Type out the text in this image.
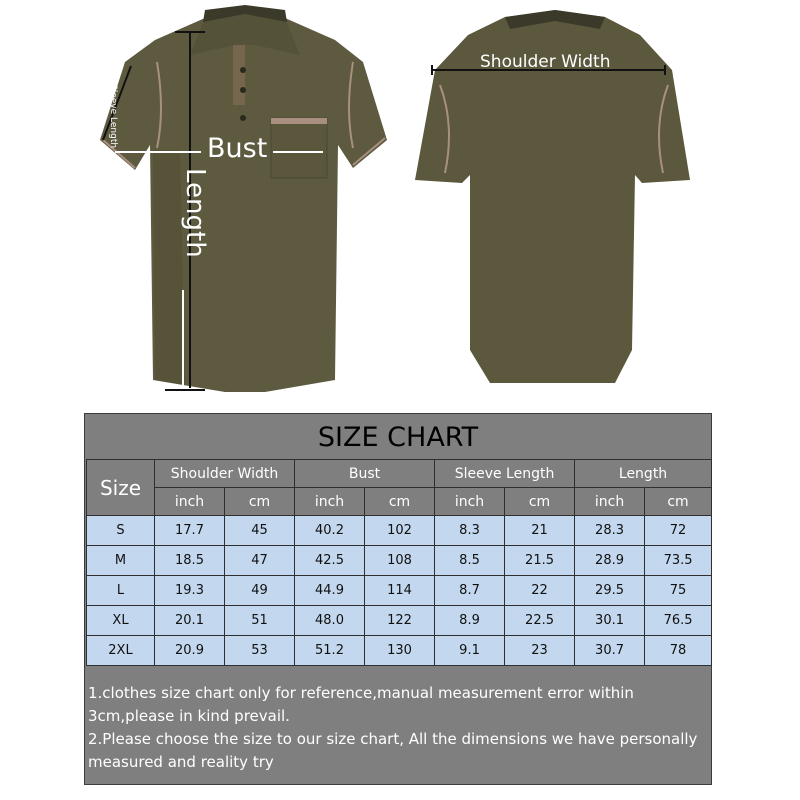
Bust
Length
Sleeve Length
Shoulder Width
SIZE CHART
Size	Shoulder Width		Bust		Sleeve Length		Length	
	inch	cm	inch	cm	inch	cm	inch	cm
S	17.7	45	40.2	102	8.3	21	28.3	72
M	18.5	47	42.5	108	8.5	21.5	28.9	73.5
L	19.3	49	44.9	114	8.7	22	29.5	75
XL	20.1	51	48.0	122	8.9	22.5	30.1	76.5
2XL	20.9	53	51.2	130	9.1	23	30.7	78

1.clothes size chart only for reference,manual measurement error within 3cm,please in kind prevail.

2.Please choose the size to our size chart, All the dimensions we have personally measured and reality try
